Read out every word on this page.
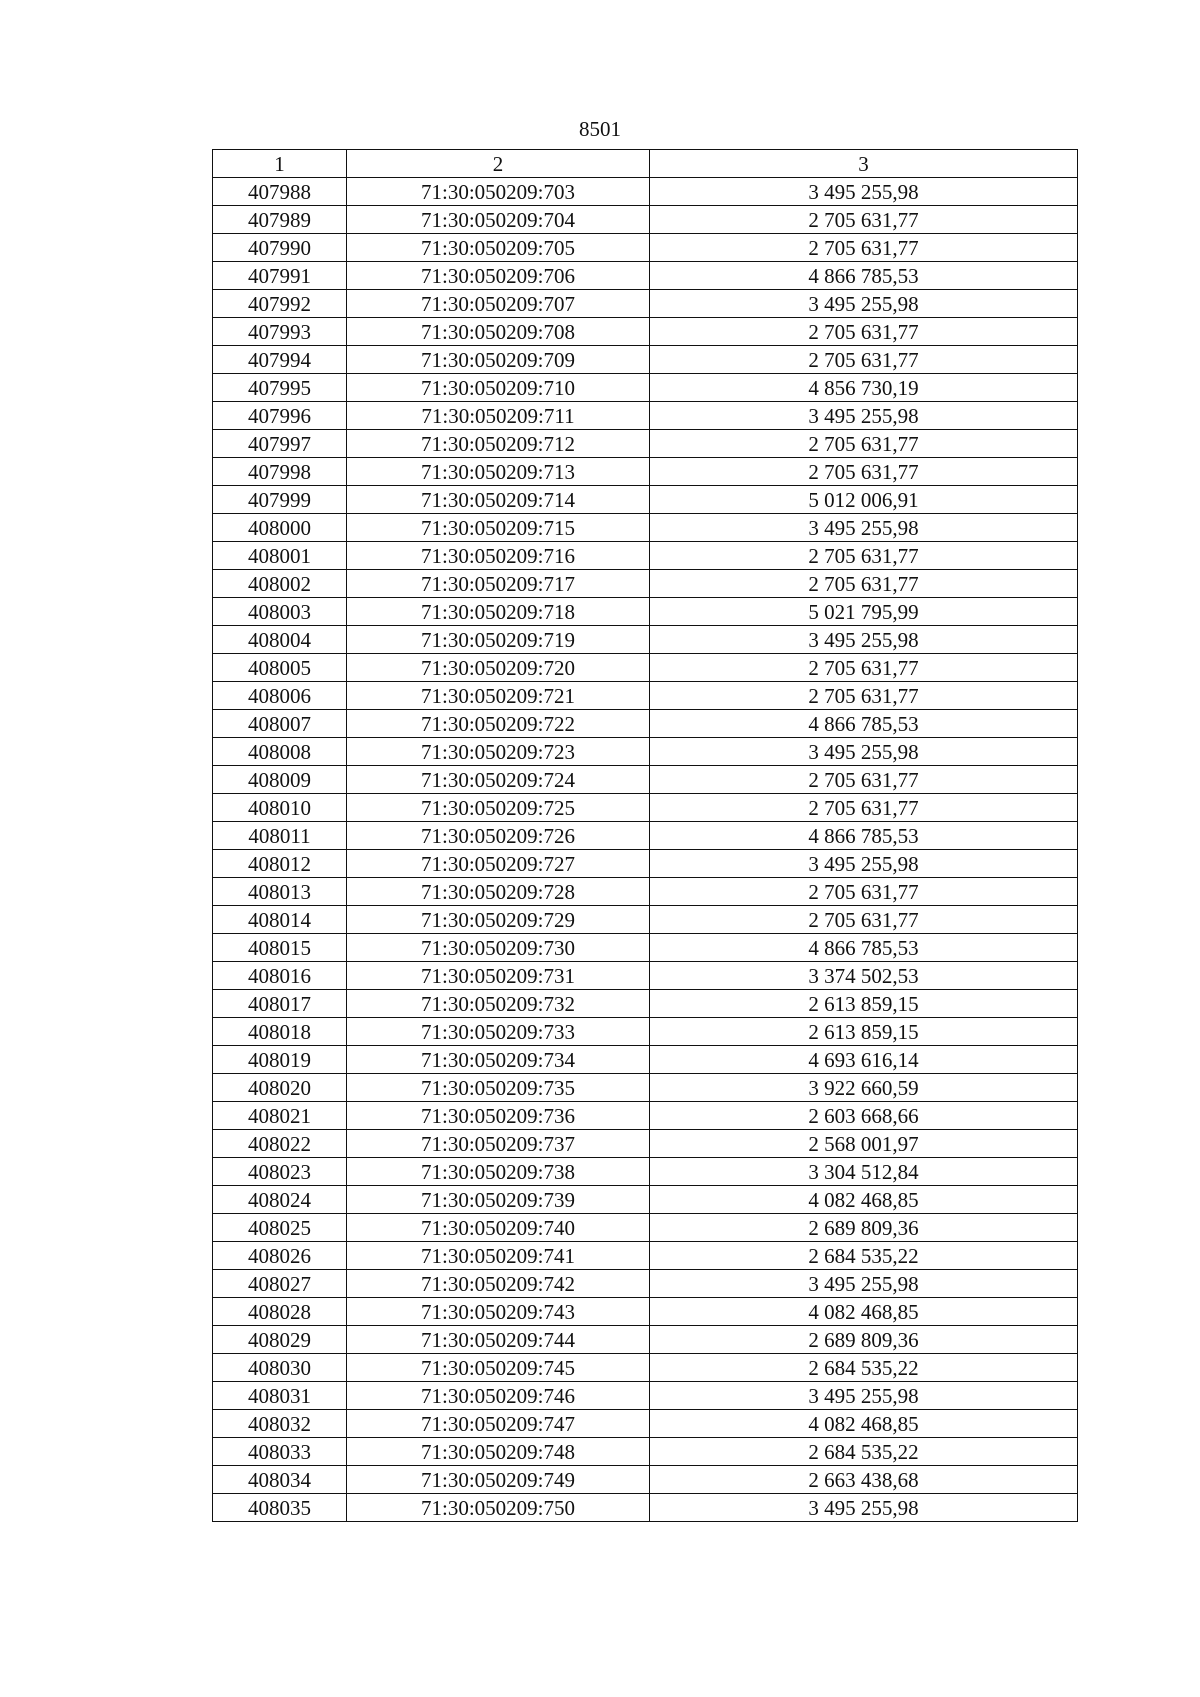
8501
1	2	3
407988	71:30:050209:703	3 495 255,98
407989	71:30:050209:704	2 705 631,77
407990	71:30:050209:705	2 705 631,77
407991	71:30:050209:706	4 866 785,53
407992	71:30:050209:707	3 495 255,98
407993	71:30:050209:708	2 705 631,77
407994	71:30:050209:709	2 705 631,77
407995	71:30:050209:710	4 856 730,19
407996	71:30:050209:711	3 495 255,98
407997	71:30:050209:712	2 705 631,77
407998	71:30:050209:713	2 705 631,77
407999	71:30:050209:714	5 012 006,91
408000	71:30:050209:715	3 495 255,98
408001	71:30:050209:716	2 705 631,77
408002	71:30:050209:717	2 705 631,77
408003	71:30:050209:718	5 021 795,99
408004	71:30:050209:719	3 495 255,98
408005	71:30:050209:720	2 705 631,77
408006	71:30:050209:721	2 705 631,77
408007	71:30:050209:722	4 866 785,53
408008	71:30:050209:723	3 495 255,98
408009	71:30:050209:724	2 705 631,77
408010	71:30:050209:725	2 705 631,77
408011	71:30:050209:726	4 866 785,53
408012	71:30:050209:727	3 495 255,98
408013	71:30:050209:728	2 705 631,77
408014	71:30:050209:729	2 705 631,77
408015	71:30:050209:730	4 866 785,53
408016	71:30:050209:731	3 374 502,53
408017	71:30:050209:732	2 613 859,15
408018	71:30:050209:733	2 613 859,15
408019	71:30:050209:734	4 693 616,14
408020	71:30:050209:735	3 922 660,59
408021	71:30:050209:736	2 603 668,66
408022	71:30:050209:737	2 568 001,97
408023	71:30:050209:738	3 304 512,84
408024	71:30:050209:739	4 082 468,85
408025	71:30:050209:740	2 689 809,36
408026	71:30:050209:741	2 684 535,22
408027	71:30:050209:742	3 495 255,98
408028	71:30:050209:743	4 082 468,85
408029	71:30:050209:744	2 689 809,36
408030	71:30:050209:745	2 684 535,22
408031	71:30:050209:746	3 495 255,98
408032	71:30:050209:747	4 082 468,85
408033	71:30:050209:748	2 684 535,22
408034	71:30:050209:749	2 663 438,68
408035	71:30:050209:750	3 495 255,98
